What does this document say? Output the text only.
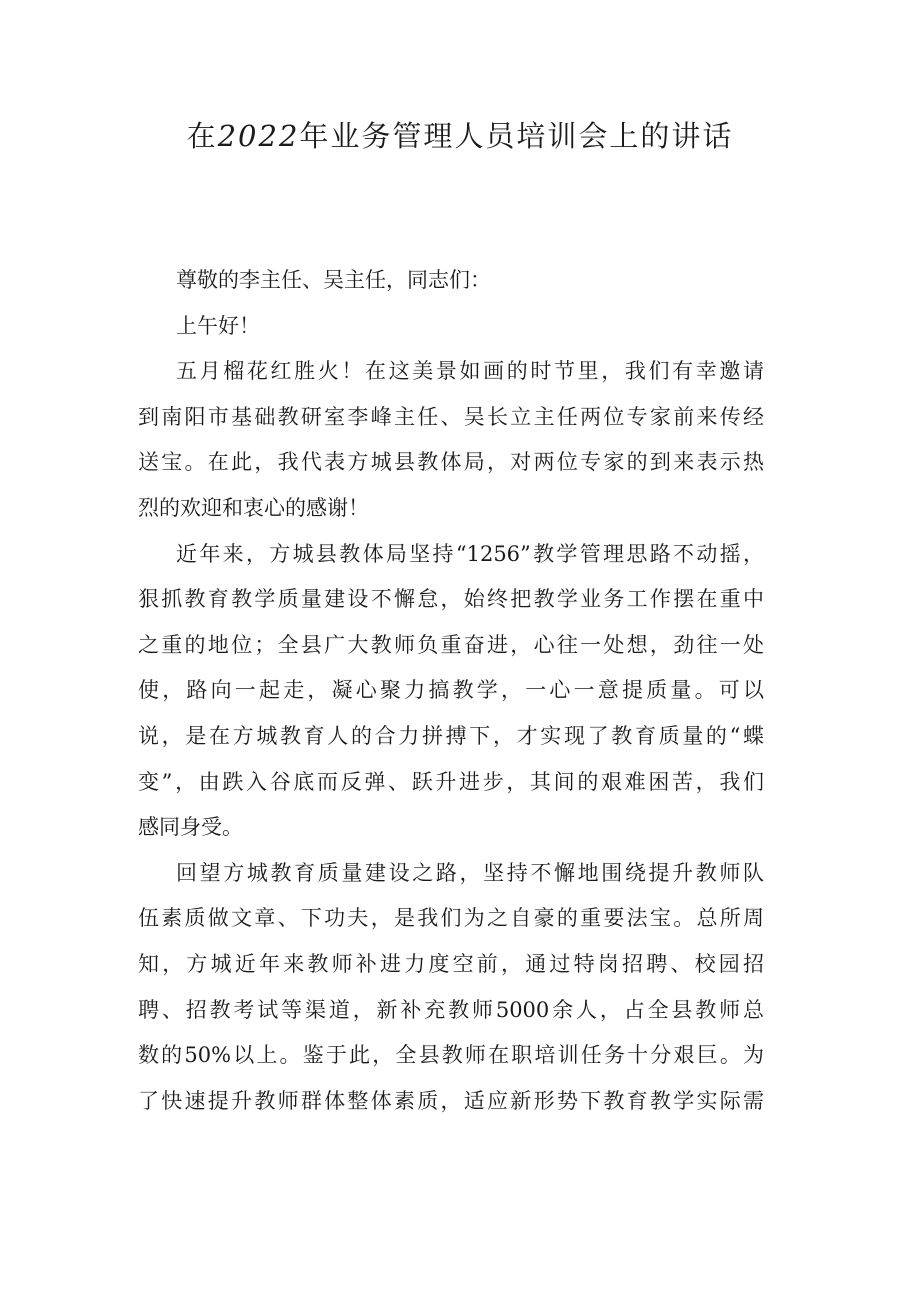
在2022年业务管理人员培训会上的讲话
尊敬的李主任、吴主任，同志们：
上午好！
五月榴花红胜火！在这美景如画的时节里，我们有幸邀请
到南阳市基础教研室李峰主任、吴长立主任两位专家前来传经
送宝。在此，我代表方城县教体局，对两位专家的到来表示热
烈的欢迎和衷心的感谢！
近年来，方城县教体局坚持“1256”教学管理思路不动摇，
狠抓教育教学质量建设不懈怠，始终把教学业务工作摆在重中
之重的地位；全县广大教师负重奋进，心往一处想，劲往一处
使，路向一起走，凝心聚力搞教学，一心一意提质量。可以
说，是在方城教育人的合力拼搏下，才实现了教育质量的“蝶
变”，由跌入谷底而反弹、跃升进步，其间的艰难困苦，我们
感同身受。
回望方城教育质量建设之路，坚持不懈地围绕提升教师队
伍素质做文章、下功夫，是我们为之自豪的重要法宝。总所周
知，方城近年来教师补进力度空前，通过特岗招聘、校园招
聘、招教考试等渠道，新补充教师5000余人，占全县教师总
数的50%以上。鉴于此，全县教师在职培训任务十分艰巨。为
了快速提升教师群体整体素质，适应新形势下教育教学实际需
